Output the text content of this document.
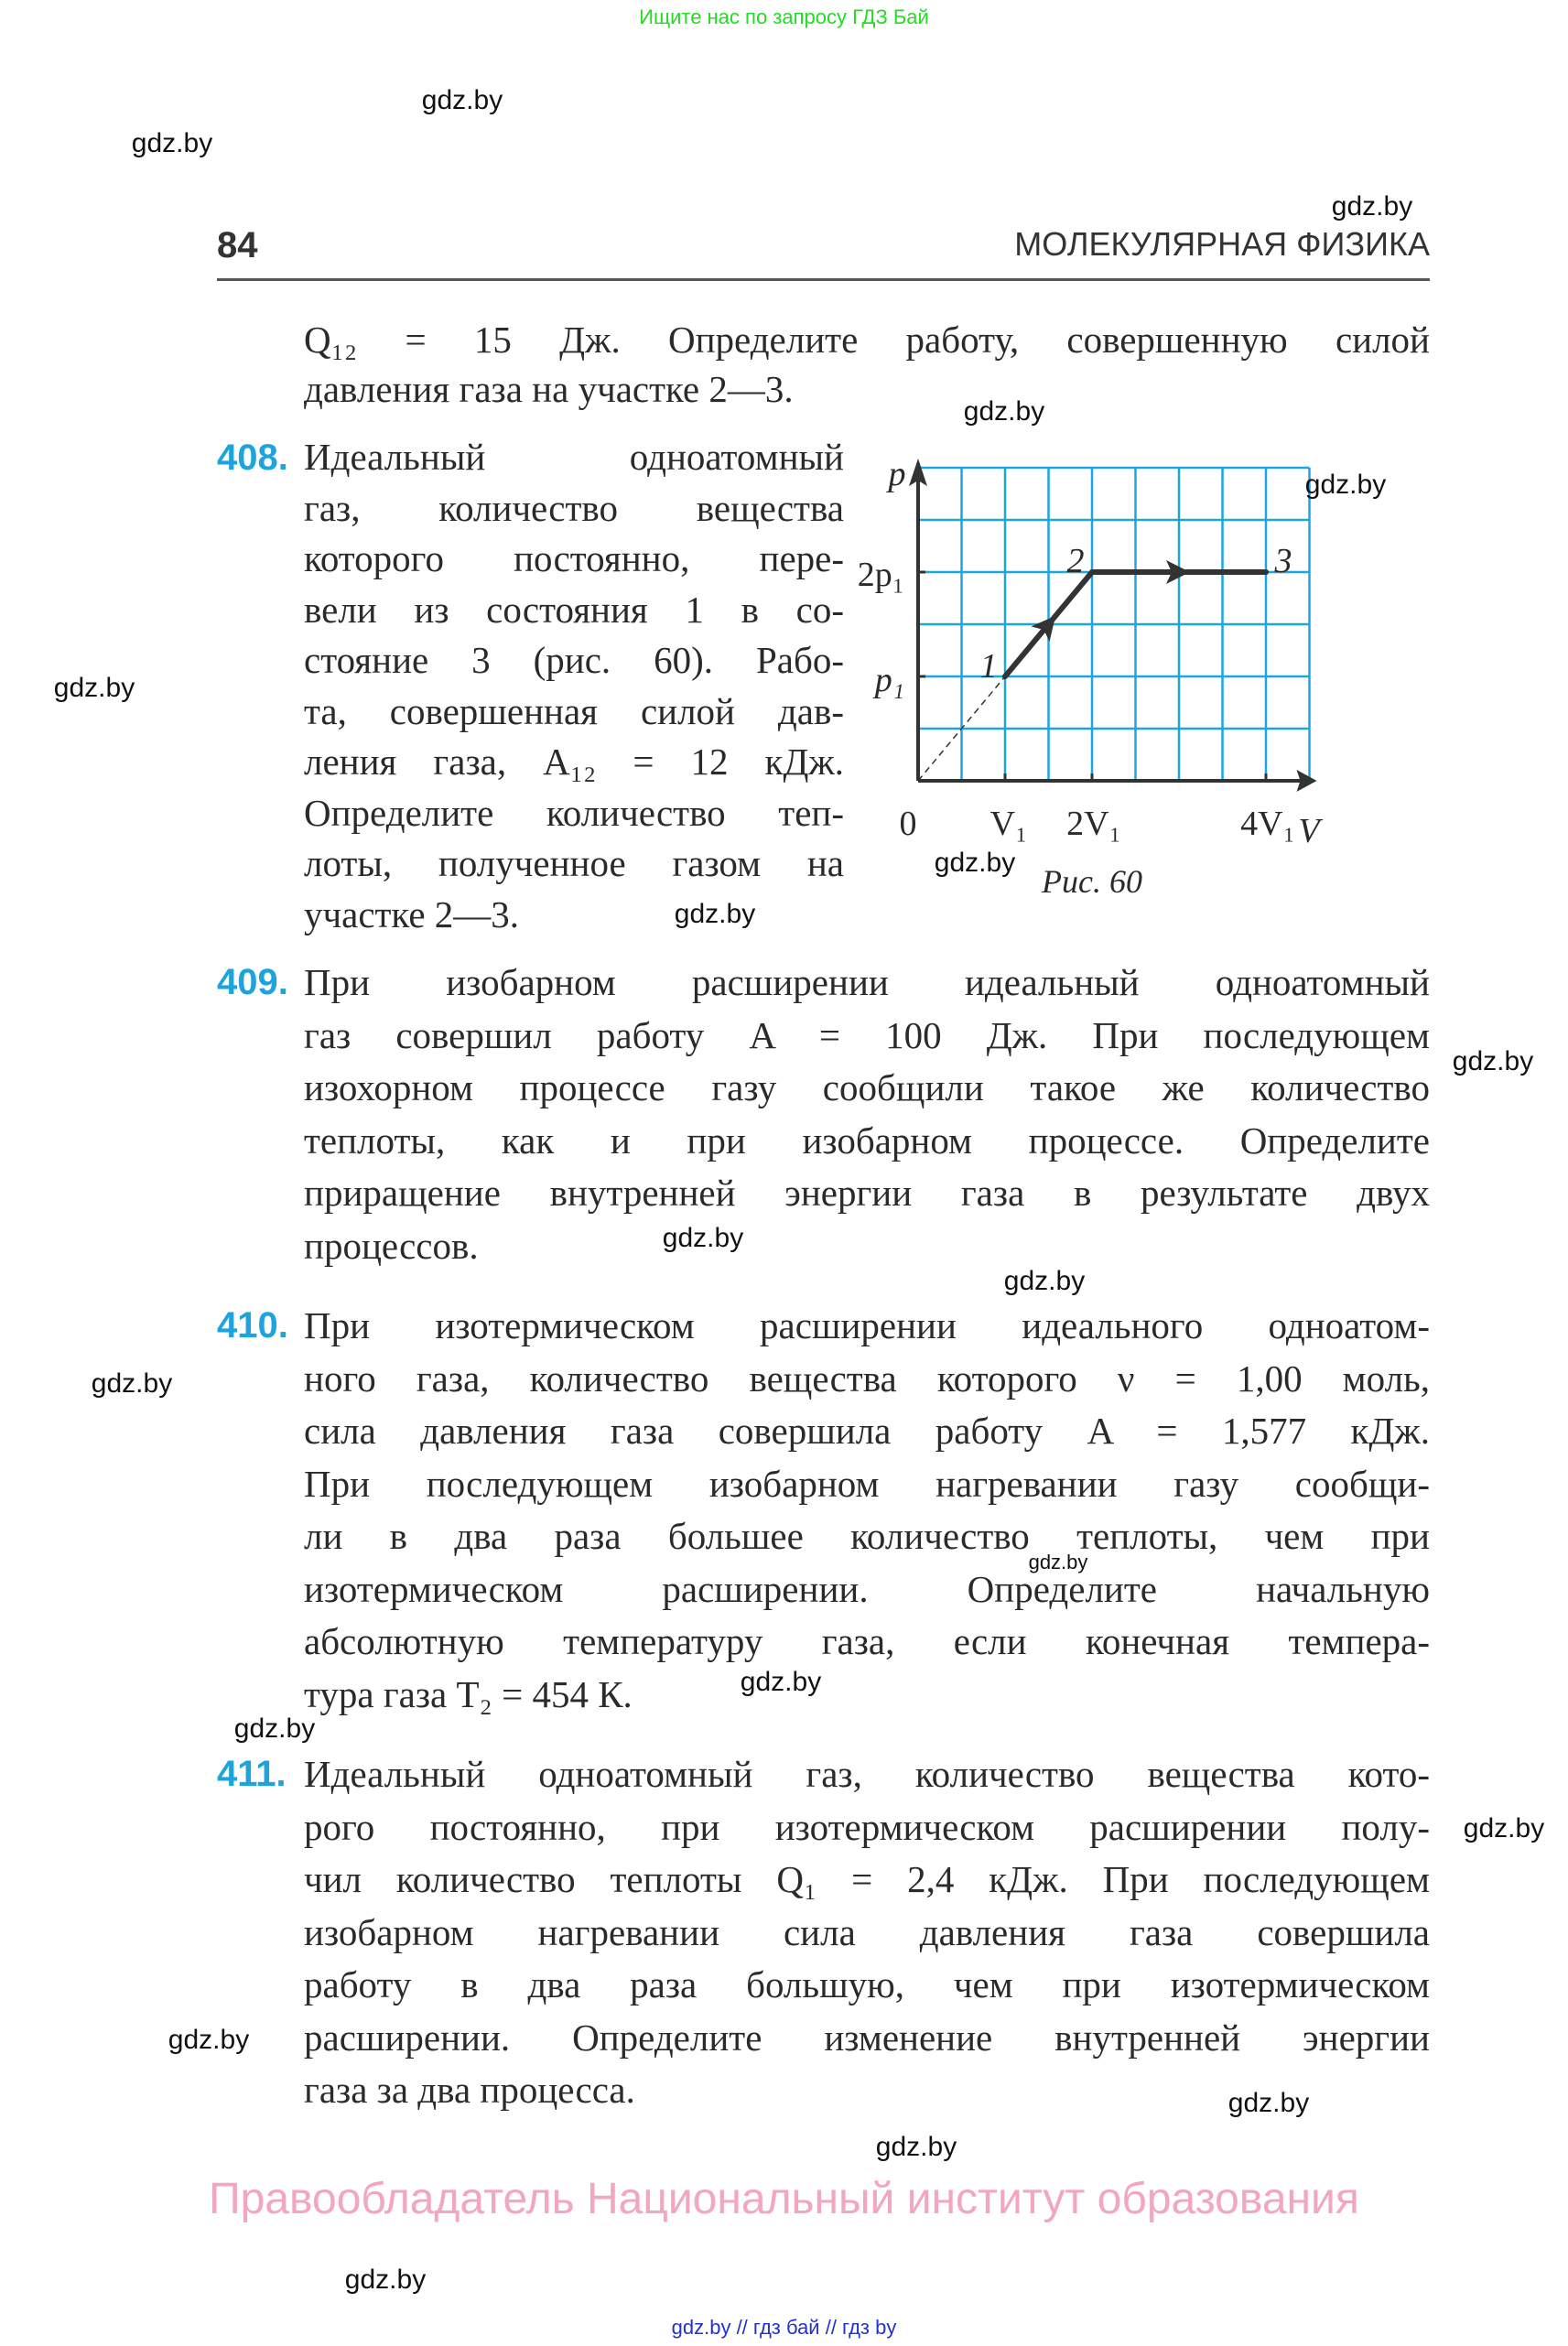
Ищите нас по запросу ГДЗ Бай
84	МОЛЕКУЛЯРНАЯ ФИЗИКА
Q₁₂ = 15 Дж. Определите работу, совершенную силой
давления газа на участке 2—3.
408. Идеальный одноатомный
газ, количество вещества
которого постоянно, пере-
вели из состояния 1 в со-
стояние 3 (рис. 60). Рабо-
та, совершенная силой дав-
ления газа, A₁₂ = 12 кДж.
Определите количество теп-
лоты, полученное газом на
участке 2—3.
p
V
2p₁
p₁
0 V₁ 2V₁	4V₁
1
2	3
Рис. 60
409. При изобарном расширении идеальный одноатомный
газ совершил работу A = 100 Дж. При последующем
изохорном процессе газу сообщили такое же количество
теплоты, как и при изобарном процессе. Определите
приращение внутренней энергии газа в результате двух
процессов.
410. При изотермическом расширении идеального одноатом-
ного газа, количество вещества которого ν = 1,00 моль,
сила давления газа совершила работу A = 1,577 кДж.
При последующем изобарном нагревании газу сообщи-
ли в два раза большее количество теплоты, чем при
изотермическом расширении. Определите начальную
абсолютную температуру газа, если конечная темпера-
тура газа T₂ = 454 К.
411. Идеальный одноатомный газ, количество вещества кото-
рого постоянно, при изотермическом расширении полу-
чил количество теплоты Q₁ = 2,4 кДж. При последующем
изобарном нагревании сила давления газа совершила
работу в два раза большую, чем при изотермическом
расширении. Определите изменение внутренней энергии
газа за два процесса.
gdz.by
gdz.by
gdz.by
gdz.by
gdz.by
gdz.by
gdz.by
gdz.by
gdz.by
gdz.by
gdz.by
gdz.by
gdz.by
gdz.by
gdz.by
gdz.by
gdz.by
gdz.by
gdz.by
gdz.by
Правообладатель Национальный институт образования
gdz.by // гдз бай // гдз by
